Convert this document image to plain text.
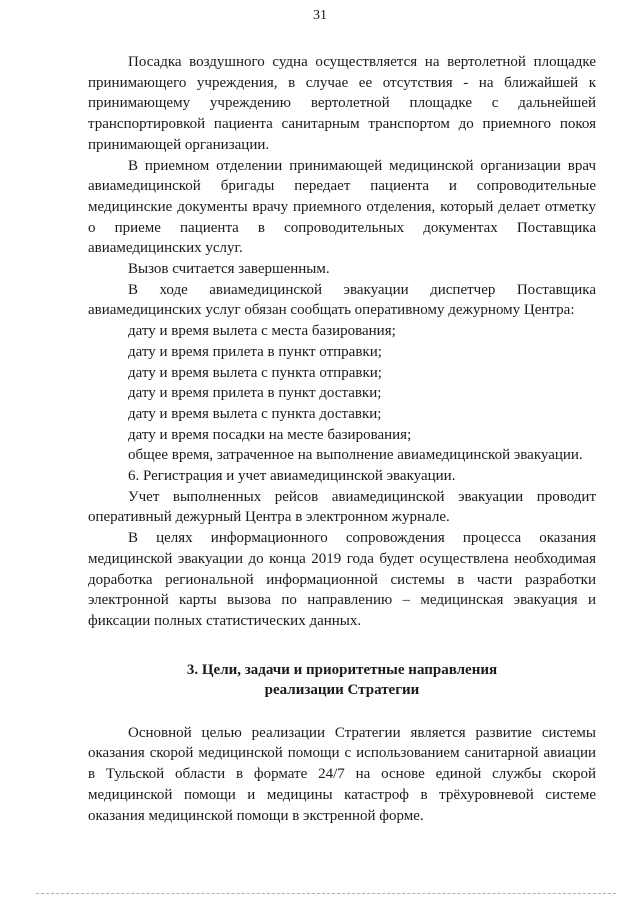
31

Посадка воздушного судна осуществляется на вертолетной площадке принимающего учреждения, в случае ее отсутствия - на ближайшей к принимающему учреждению вертолетной площадке с дальнейшей транспортировкой пациента санитарным транспортом до приемного покоя принимающей организации.

В приемном отделении принимающей медицинской организации врач авиамедицинской бригады передает пациента и сопроводительные медицинские документы врачу приемного отделения, который делает отметку о приеме пациента в сопроводительных документах Поставщика авиамедицинских услуг.

Вызов считается завершенным.

В ходе авиамедицинской эвакуации диспетчер Поставщика авиамедицинских услуг обязан сообщать оперативному дежурному Центра:

дату и время вылета с места базирования;

дату и время прилета в пункт отправки;

дату и время вылета с пункта отправки;

дату и время прилета в пункт доставки;

дату и время вылета с пункта доставки;

дату и время посадки на месте базирования;

общее время, затраченное на выполнение авиамедицинской эвакуации.

6. Регистрация и учет авиамедицинской эвакуации.

Учет выполненных рейсов авиамедицинской эвакуации проводит оперативный дежурный Центра в электронном журнале.

В целях информационного сопровождения процесса оказания медицинской эвакуации до конца 2019 года будет осуществлена необходимая доработка региональной информационной системы в части разработки электронной карты вызова по направлению – медицинская эвакуация и фиксации полных статистических данных.

3. Цели, задачи и приоритетные направления
реализации Стратегии

Основной целью реализации Стратегии является развитие системы оказания скорой медицинской помощи с использованием санитарной авиации в Тульской области в формате 24/7 на основе единой службы скорой медицинской помощи и медицины катастроф в трёхуровневой системе оказания медицинской помощи в экстренной форме.
